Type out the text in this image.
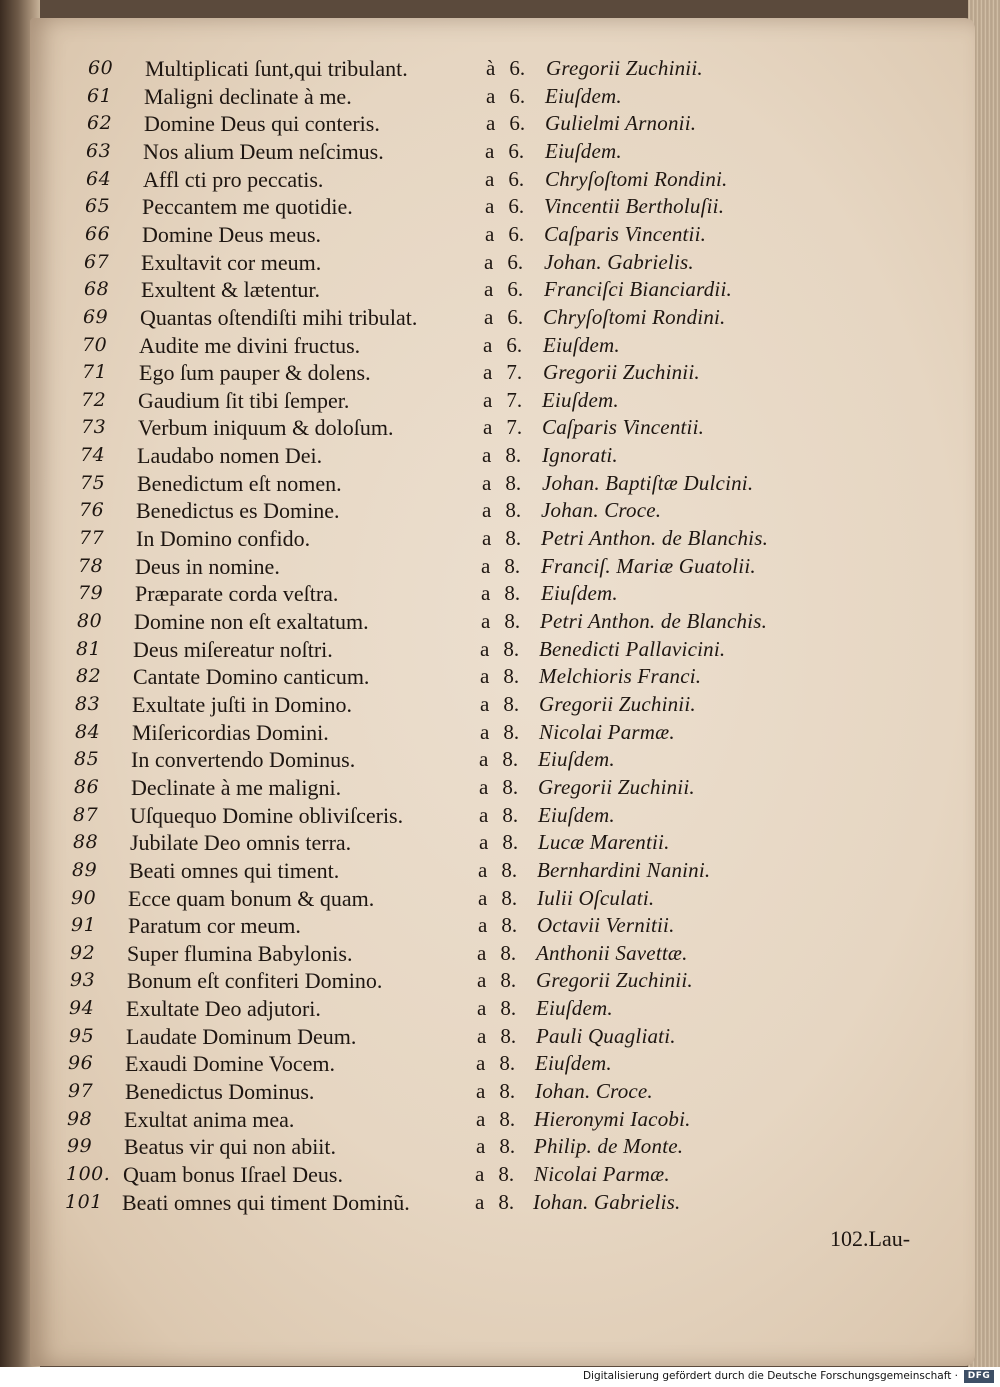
60 Multiplicati ſunt,qui tribulant.	à 6. Gregorii Zuchinii.
61 Maligni declinate à me.	a 6. Eiuſdem.
62 Domine Deus qui conteris.	a 6. Gulielmi Arnonii.
63 Nos alium Deum neſcimus.	a 6. Eiuſdem.
64 Affl cti pro peccatis.	a 6. Chryſoſtomi Rondini.
65 Peccantem me quotidie.	a 6. Vincentii Bertholuſii.
66 Domine Deus meus.	a 6. Caſparis Vincentii.
67 Exultavit cor meum.	a 6. Johan. Gabrielis.
68 Exultent & lætentur.	a 6. Franciſci Bianciardii.
69 Quantas oſtendiſti mihi tribulat.	a 6. Chryſoſtomi Rondini.
70 Audite me divini fructus.	a 6. Eiuſdem.
71 Ego ſum pauper & dolens.	a 7. Gregorii Zuchinii.
72 Gaudium ſit tibi ſemper.	a 7. Eiuſdem.
73 Verbum iniquum & doloſum.	a 7. Caſparis Vincentii.
74 Laudabo nomen Dei.	a 8. Ignorati.
75 Benedictum eſt nomen.	a 8. Johan. Baptiſtæ Dulcini.
76 Benedictus es Domine.	a 8. Johan. Croce.
77 In Domino confido.	a 8. Petri Anthon. de Blanchis.
78 Deus in nomine.	a 8. Franciſ. Mariæ Guatolii.
79 Præparate corda veſtra.	a 8. Eiuſdem.
80 Domine non eſt exaltatum.	a 8. Petri Anthon. de Blanchis.
81 Deus miſereatur noſtri.	a 8. Benedicti Pallavicini.
82 Cantate Domino canticum.	a 8. Melchioris Franci.
83 Exultate juſti in Domino.	a 8. Gregorii Zuchinii.
84 Miſericordias Domini.	a 8. Nicolai Parmæ.
85 In convertendo Dominus.	a 8. Eiuſdem.
86 Declinate à me maligni.	a 8. Gregorii Zuchinii.
87 Uſquequo Domine obliviſceris.	a 8. Eiuſdem.
88 Jubilate Deo omnis terra.	a 8. Lucæ Marentii.
89 Beati omnes qui timent.	a 8. Bernhardini Nanini.
90 Ecce quam bonum & quam.	a 8. Iulii Oſculati.
91 Paratum cor meum.	a 8. Octavii Vernitii.
92 Super flumina Babylonis.	a 8. Anthonii Savettæ.
93 Bonum eſt confiteri Domino.	a 8. Gregorii Zuchinii.
94 Exultate Deo adjutori.	a 8. Eiuſdem.
95 Laudate Dominum Deum.	a 8. Pauli Quagliati.
96 Exaudi Domine Vocem.	a 8. Eiuſdem.
97 Benedictus Dominus.	a 8. Iohan. Croce.
98 Exultat anima mea.	a 8. Hieronymi Iacobi.
99 Beatus vir qui non abiit.	a 8. Philip. de Monte.
100. Quam bonus Iſrael Deus.	a 8. Nicolai Parmæ.
101 Beati omnes qui timent Dominũ.	a 8. Iohan. Gabrielis.
102.Lau-
Digitalisierung gefördert durch die Deutsche Forschungsgemeinschaft ·	DFG
